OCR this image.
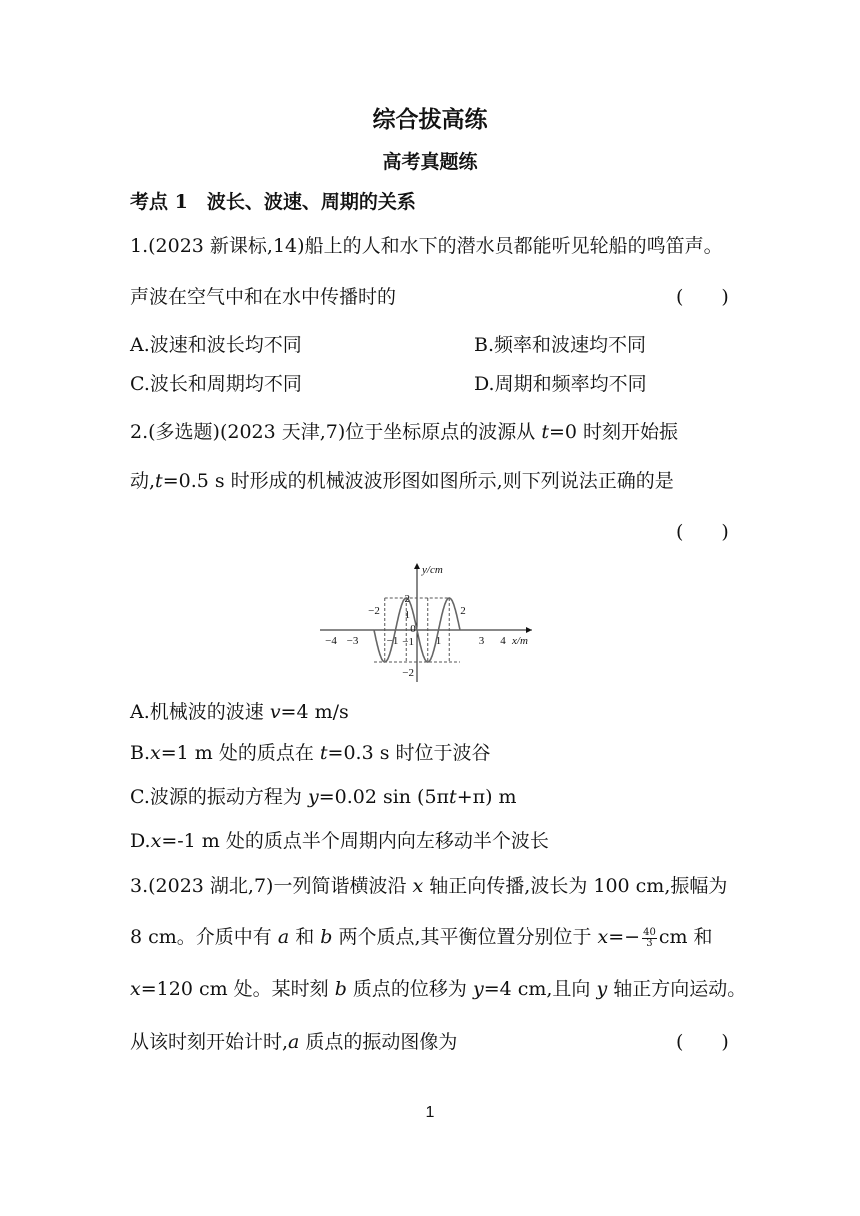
综合拔高练
高考真题练
考点 1　波长、波速、周期的关系
1.(2023 新课标,14)船上的人和水下的潜水员都能听见轮船的鸣笛声。
声波在空气中和在水中传播时的	(　　)
A.波速和波长均不同	B.频率和波速均不同
C.波长和周期均不同	D.周期和频率均不同
2.(多选题)(2023 天津,7)位于坐标原点的波源从 t=0 时刻开始振
动,t=0.5 s 时形成的机械波波形图如图所示,则下列说法正确的是
(　　)
−4 −3
−2
−1
0
1
2
3 4
2
1
−1
−2
y/cm
x/m
A.机械波的波速 v=4 m/s
B.x=1 m 处的质点在 t=0.3 s 时位于波谷
C.波源的振动方程为 y=0.02 sin (5πt+π) m
D.x=-1 m 处的质点半个周期内向左移动半个波长
3.(2023 湖北,7)一列简谐横波沿 x 轴正向传播,波长为 100 cm,振幅为
8 cm。介质中有 a 和 b 两个质点,其平衡位置分别位于 $x=- \frac{40}{3}$ cm 和
x=120 cm 处。某时刻 b 质点的位移为 y=4 cm,且向 y 轴正方向运动。
从该时刻开始计时,a 质点的振动图像为	(　　)
1
